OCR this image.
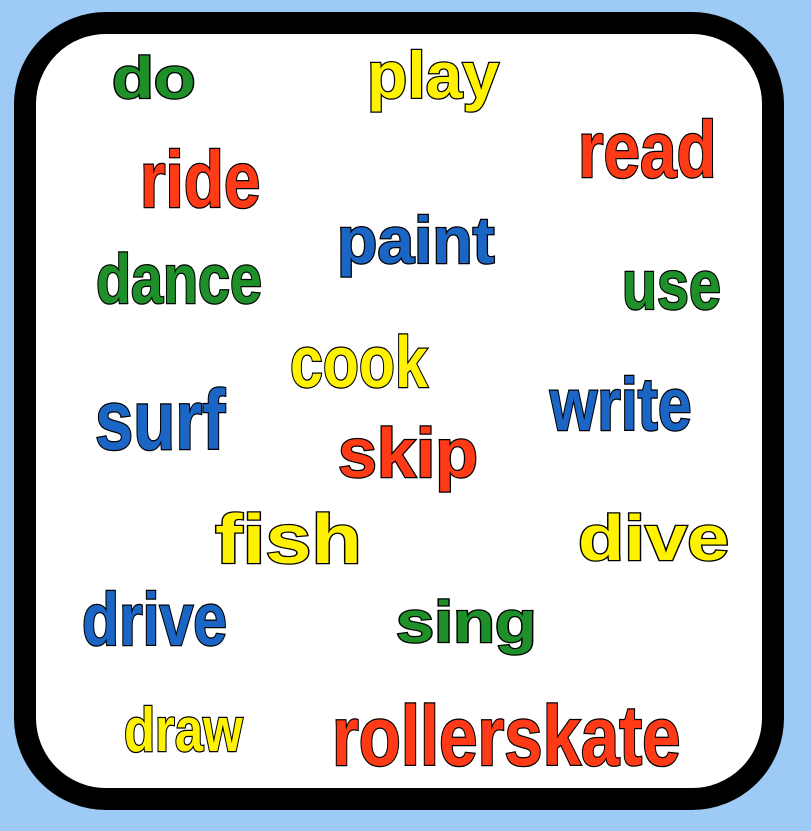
do	play
read
ride
paint
dance	use
cook write
surf skip
fish	dive
drive	sing
draw rollerskate
